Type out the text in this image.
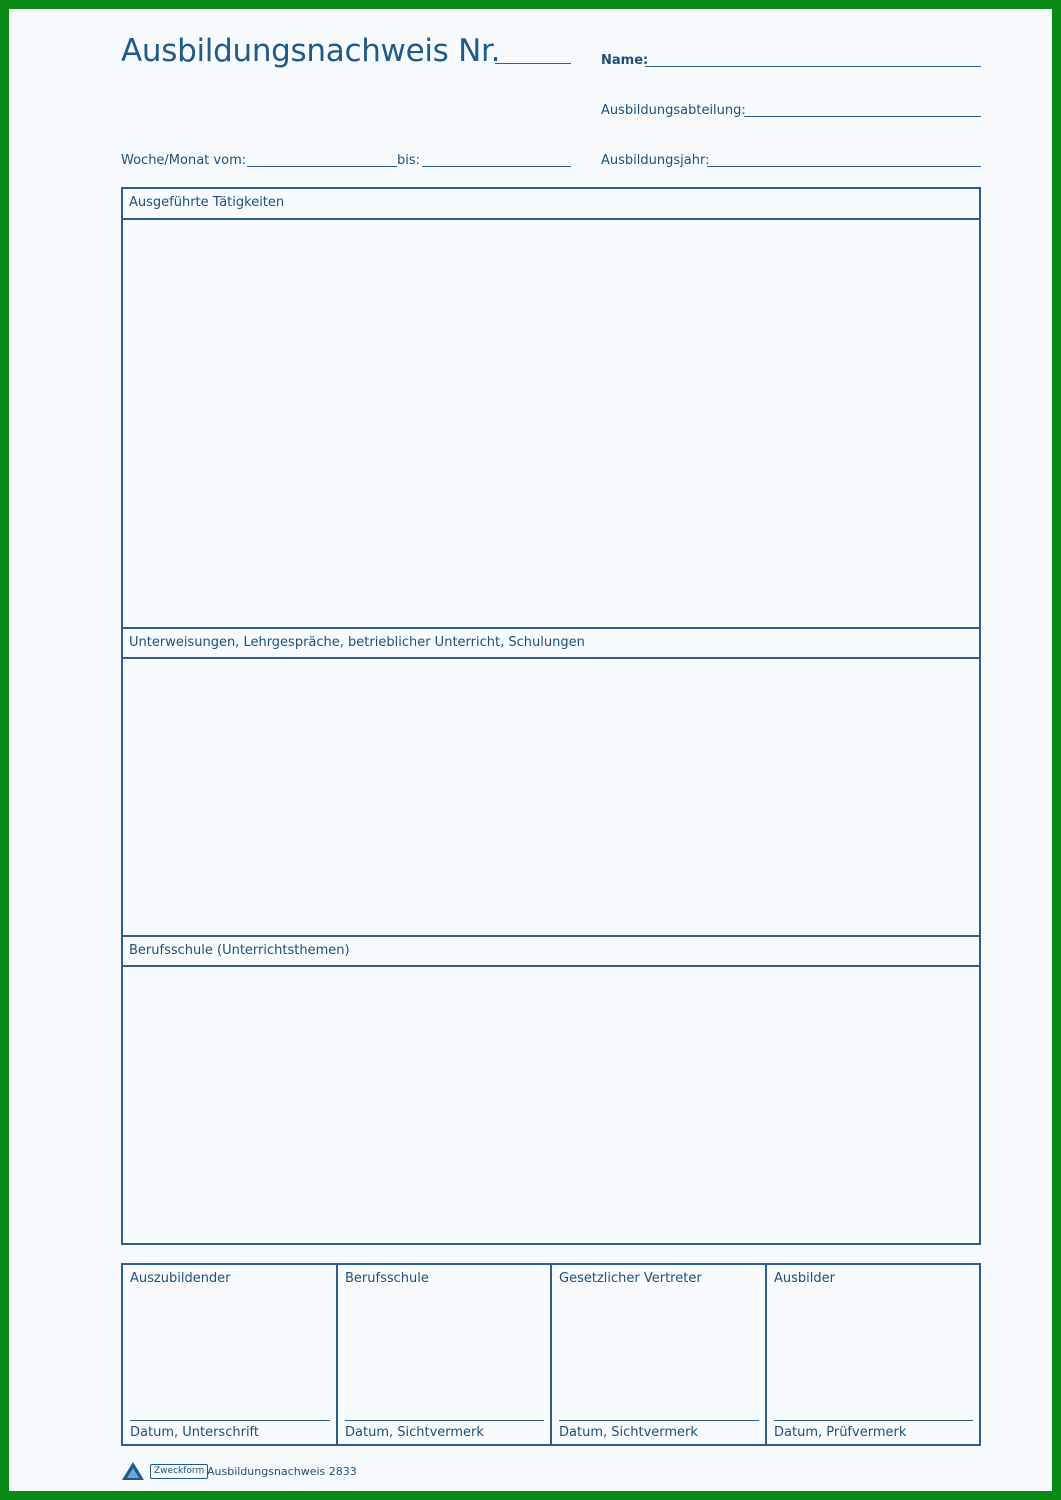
Ausbildungsnachweis Nr.	Name:
Ausbildungsabteilung:
Woche/Monat vom:	bis:	Ausbildungsjahr:
Ausgeführte Tätigkeiten
Unterweisungen, Lehrgespräche, betrieblicher Unterricht, Schulungen
Berufsschule (Unterrichtsthemen)
Auszubildender
Datum, Unterschrift
Berufsschule
Datum, Sichtvermerk
Gesetzlicher Vertreter
Datum, Sichtvermerk
Ausbilder
Datum, Prüfvermerk
Zweckform Ausbildungsnachweis 2833
